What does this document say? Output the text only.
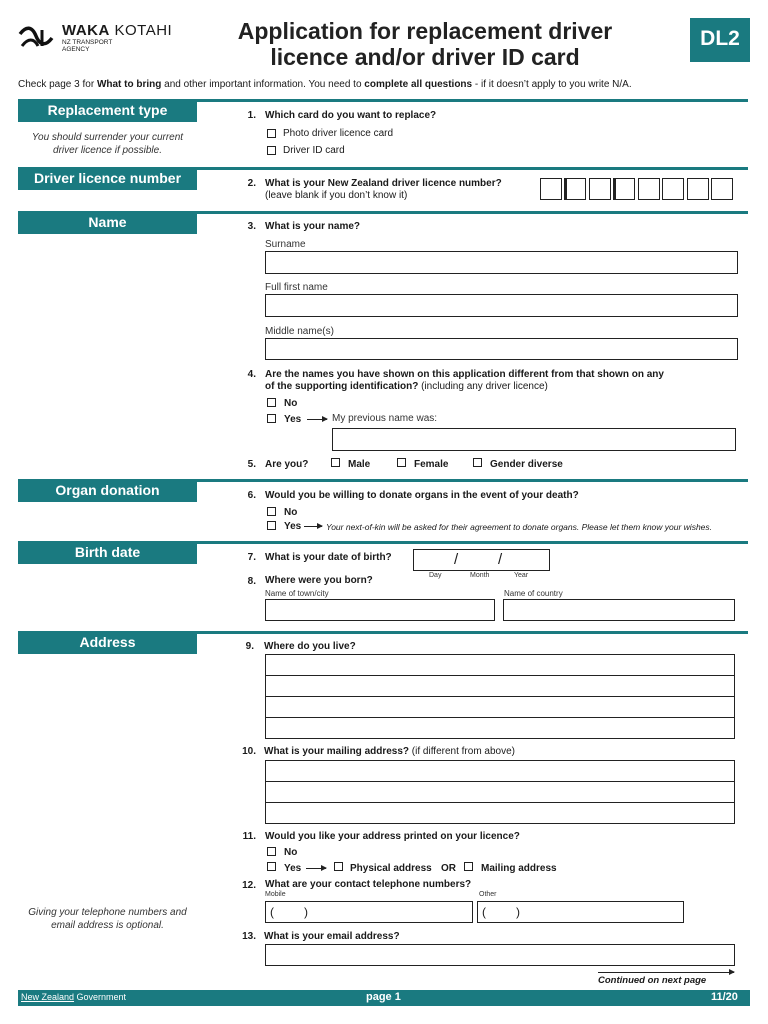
WAKA KOTAHI
NZ TRANSPORT
AGENCY
Application for replacement driver
licence and/or driver ID card
DL2
Check page 3 for What to bring and other important information. You need to complete all questions - if it doesn’t apply to you write N/A.
Replacement type
You should surrender your current
driver licence if possible.
1. Which card do you want to replace?
Photo driver licence card
Driver ID card
Driver licence number	2. What is your New Zealand driver licence number?
(leave blank if you don’t know it)
Name	3. What is your name?
Surname
Full first name
Middle name(s)
4. Are the names you have shown on this application different from that shown on any
of the supporting identification? (including any driver licence)
No
Yes	My previous name was:
5. Are you?	Male	Female	Gender diverse
Organ donation	6. Would you be willing to donate organs in the event of your death?
No
Yes	Your next-of-kin will be asked for their agreement to donate organs. Please let them know your wishes.
Birth date	7. What is your date of birth?	/	/
Day	Month	Year
8. Where were you born?
Name of town/city	Name of country
Address	9. Where do you live?
10. What is your mailing address? (if different from above)
11. Would you like your address printed on your licence?
No
Yes	Physical address OR	Mailing address
Giving your telephone numbers and
email address is optional.
12. What are your contact telephone numbers?
Mobile	Other
(	)	(	)
13. What is your email address?
Continued on next page
New Zealand Government	page 1	11/20
